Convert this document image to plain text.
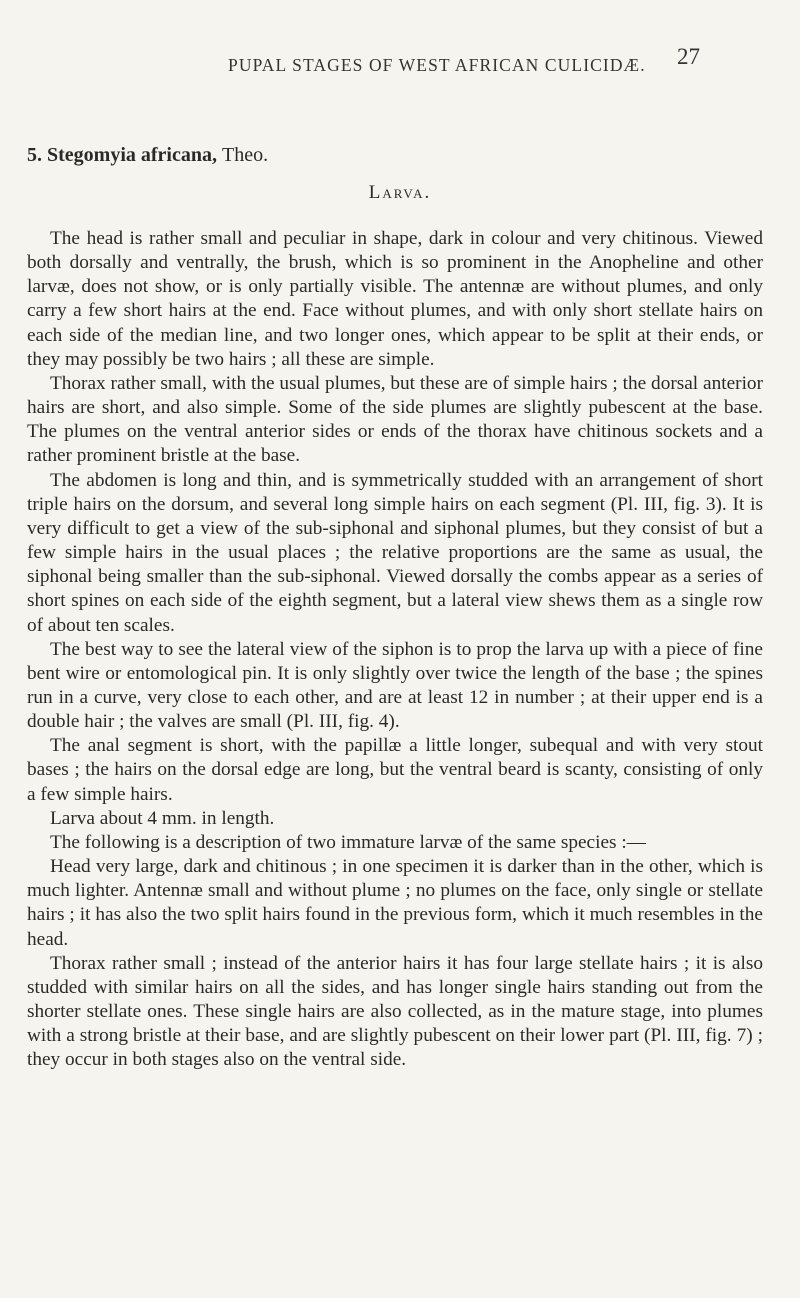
PUPAL STAGES OF WEST AFRICAN CULICIDÆ. 27
5. Stegomyia africana, Theo.
Larva.

The head is rather small and peculiar in shape, dark in colour and very chitinous. Viewed both dorsally and ventrally, the brush, which is so prominent in the Anopheline and other larvæ, does not show, or is only partially visible. The antennæ are without plumes, and only carry a few short hairs at the end. Face without plumes, and with only short stellate hairs on each side of the median line, and two longer ones, which appear to be split at their ends, or they may possibly be two hairs ; all these are simple.

Thorax rather small, with the usual plumes, but these are of simple hairs ; the dorsal anterior hairs are short, and also simple. Some of the side plumes are slightly pubescent at the base. The plumes on the ventral anterior sides or ends of the thorax have chitinous sockets and a rather prominent bristle at the base.

The abdomen is long and thin, and is symmetrically studded with an arrangement of short triple hairs on the dorsum, and several long simple hairs on each segment (Pl. III, fig. 3). It is very difficult to get a view of the sub-siphonal and siphonal plumes, but they consist of but a few simple hairs in the usual places ; the relative proportions are the same as usual, the siphonal being smaller than the sub-siphonal. Viewed dorsally the combs appear as a series of short spines on each side of the eighth segment, but a lateral view shews them as a single row of about ten scales.

The best way to see the lateral view of the siphon is to prop the larva up with a piece of fine bent wire or entomological pin. It is only slightly over twice the length of the base ; the spines run in a curve, very close to each other, and are at least 12 in number ; at their upper end is a double hair ; the valves are small (Pl. III, fig. 4).

The anal segment is short, with the papillæ a little longer, subequal and with very stout bases ; the hairs on the dorsal edge are long, but the ventral beard is scanty, consisting of only a few simple hairs.

Larva about 4 mm. in length.

The following is a description of two immature larvæ of the same species :—

Head very large, dark and chitinous ; in one specimen it is darker than in the other, which is much lighter. Antennæ small and without plume ; no plumes on the face, only single or stellate hairs ; it has also the two split hairs found in the previous form, which it much resembles in the head.

Thorax rather small ; instead of the anterior hairs it has four large stellate hairs ; it is also studded with similar hairs on all the sides, and has longer single hairs standing out from the shorter stellate ones. These single hairs are also collected, as in the mature stage, into plumes with a strong bristle at their base, and are slightly pubescent on their lower part (Pl. III, fig. 7) ; they occur in both stages also on the ventral side.
